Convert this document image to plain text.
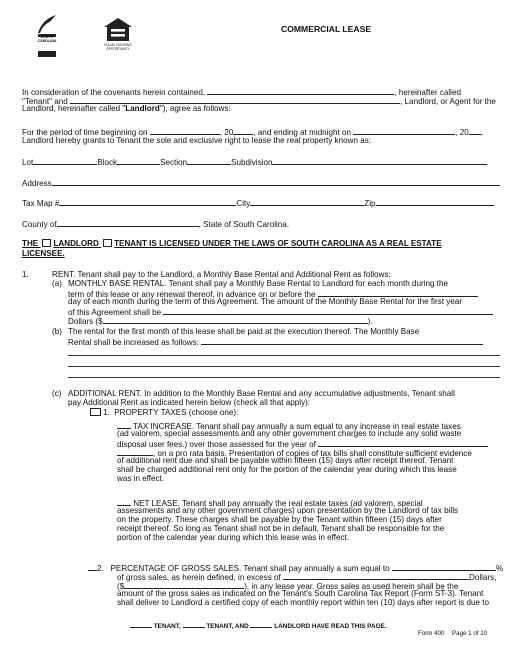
SOUTH CAROLINA
EQUAL HOUSING OPPORTUNITY
COMMERCIAL LEASE
In consideration of the covenants herein contained,	, hereinafter called
"Tenant" and	, Landlord, or Agent for the
Landlord, hereinafter called "Landlord"), agree as follows:
For the period of time beginning on	, 20 , and ending at midnight on	, 20 ,
Landlord hereby grants to Tenant the sole and exclusive right to lease the real property known as:
Lot	Block	Section	Subdivision
Address
Tax Map #	City	Zip
County of	, State of South Carolina.
THE LANDLORD TENANT IS LICENSED UNDER THE LAWS OF SOUTH CAROLINA AS A REAL ESTATE
LICENSEE.
1.	RENT. Tenant shall pay to the Landlord, a Monthly Base Rental and Additional Rent as follows:
(a) MONTHLY BASE RENTAL. Tenant shall pay a Monthly Base Rental to Landlord for each month during the
term of this lease or any renewal thereof, in advance on or before the
day of each month during the term of this Agreement. The amount of the Monthly Base Rental for the first year
of this Agreement shall be
Dollars ($	).
(b) The rental for the first month of this lease shall be paid at the execution thereof. The Monthly Base
Rental shall be increased as follows:
(c) ADDITIONAL RENT. In addition to the Monthly Base Rental and any accumulative adjustments, Tenant shall
pay Additional Rent as indicated herein below (check all that apply):
1. PROPERTY TAXES (choose one):
TAX INCREASE. Tenant shall pay annually a sum equal to any increase in real estate taxes
(ad valorem, special assessments and any other government charges to include any solid waste
disposal user fees.) over those assessed for the year of
, on a pro rata basis. Presentation of copies of tax bills shall constitute sufficient evidence
of additional rent due and shall be payable within fifteen (15) days after receipt thereof. Tenant
shall be charged additional rent only for the portion of the calendar year during which this lease
was in effect.
NET LEASE. Tenant shall pay annually the real estate taxes (ad valorem, special
assessments and any other government charges) upon presentation by the Landlord of tax bills
on the property. These charges shall be payable by the Tenant within fifteen (15) days after
receipt thereof. So long as Tenant shall not be in default, Tenant shall be responsible for the
portion of the calendar year during which this lease was in effect.
2. PERCENTAGE OF GROSS SALES. Tenant shall pay annually a sum equal to	%
of gross sales, as herein defined, in excess of	Dollars,
($	), in any lease year. Gross sales as used herein shall be the
amount of the gross sales as indicated on the Tenant's South Carolina Tax Report (Form ST-3). Tenant
shall deliver to Landlord a certified copy of each monthly report within ten (10) days after report is due to
TENANT,	TENANT, AND	LANDLORD HAVE READ THIS PAGE.
Form 400 Page 1 of 10
